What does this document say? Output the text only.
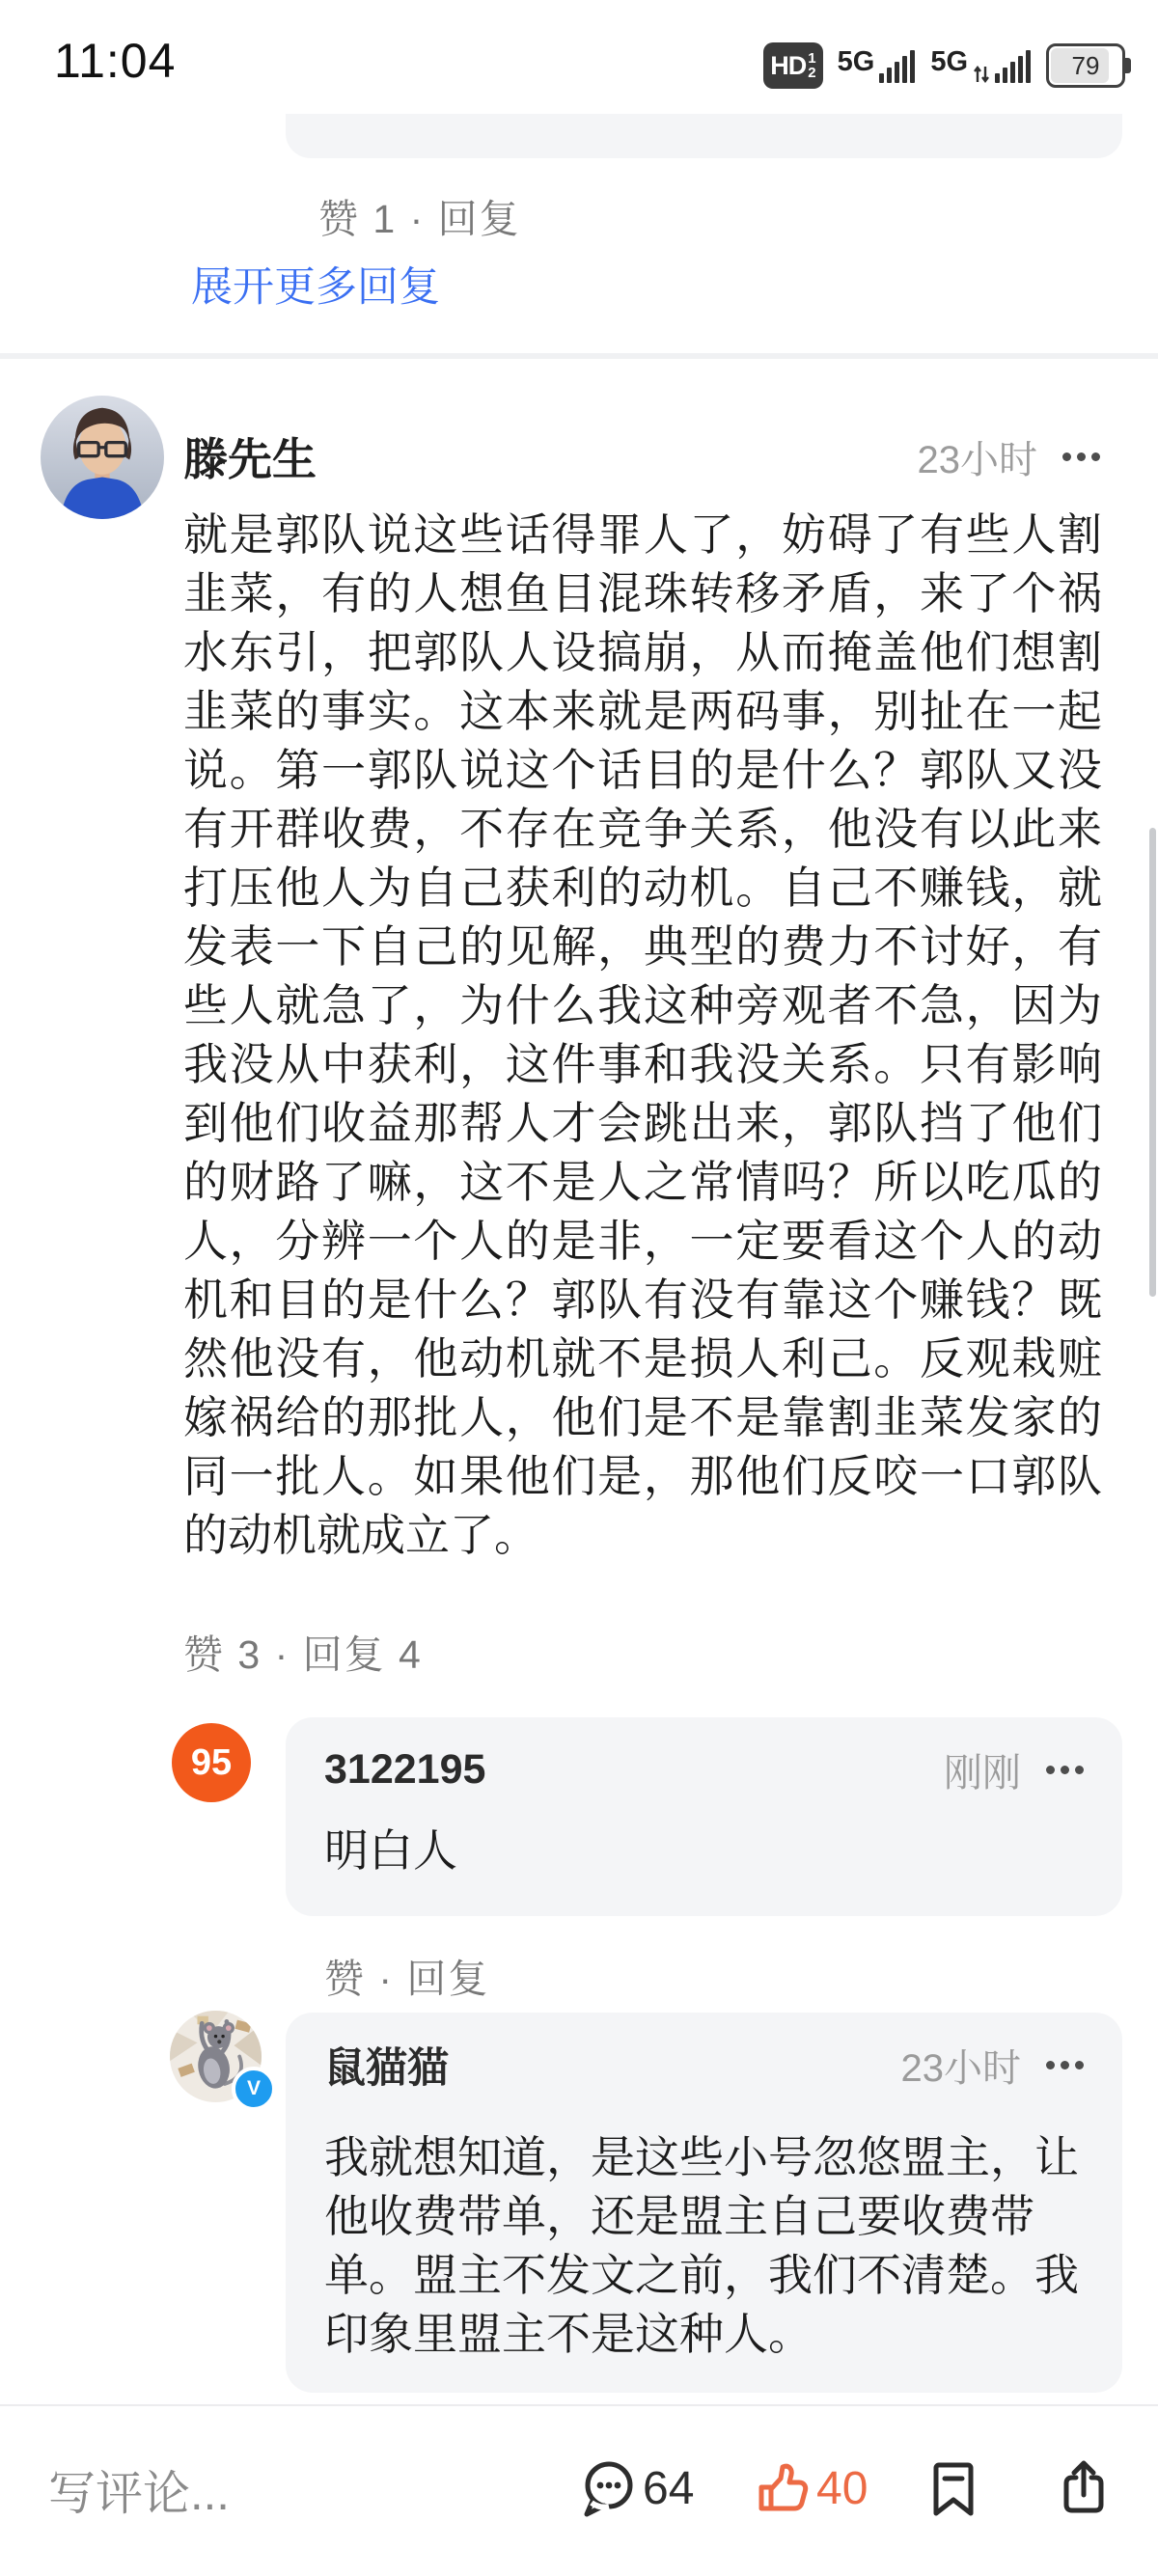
11:04	HD 1
2 5G 5G	79
赞 1 · 回复
展开更多回复
滕先生	23小时
就是郭队说这些话得罪人了，妨碍了有些人割韭菜，有的人想鱼目混珠转移矛盾，来了个祸水东引，把郭队人设搞崩，从而掩盖他们想割韭菜的事实。这本来就是两码事，别扯在一起说。第一郭队说这个话目的是什么？郭队又没有开群收费，不存在竞争关系，他没有以此来打压他人为自己获利的动机。自己不赚钱，就发表一下自己的见解，典型的费力不讨好，有些人就急了，为什么我这种旁观者不急，因为我没从中获利，这件事和我没关系。只有影响到他们收益那帮人才会跳出来，郭队挡了他们的财路了嘛，这不是人之常情吗？所以吃瓜的人，分辨一个人的是非，一定要看这个人的动机和目的是什么？郭队有没有靠这个赚钱？既然他没有，他动机就不是损人利己。反观栽赃嫁祸给的那批人，他们是不是靠割韭菜发家的同一批人。如果他们是，那他们反咬一口郭队的动机就成立了。
赞 3 · 回复 4
95	3122195	刚刚
明白人
赞 · 回复
V	鼠猫猫	23小时
我就想知道，是这些小号忽悠盟主，让他收费带单，还是盟主自己要收费带单。盟主不发文之前，我们不清楚。我印象里盟主不是这种人。
写评论...	64	40
